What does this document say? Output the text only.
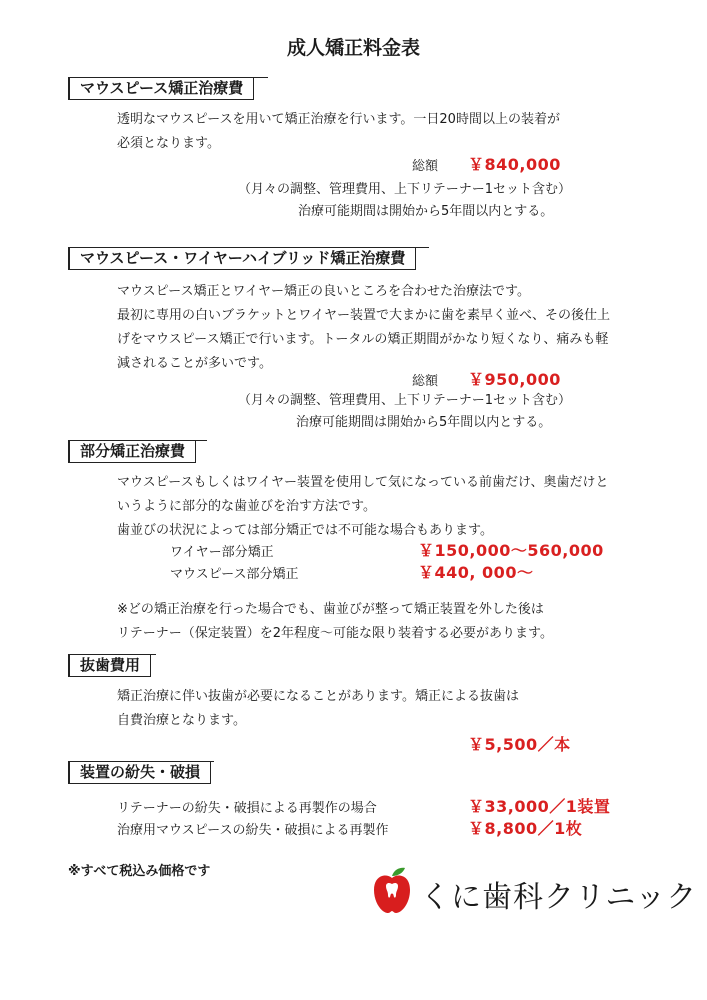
成人矯正料金表
マウスピース矯正治療費
透明なマウスピースを用いて矯正治療を行います。一日20時間以上の装着が
必須となります。
総額 ￥840,000
（月々の調整、管理費用、上下リテーナー1セット含む）
治療可能期間は開始から5年間以内とする。
マウスピース・ワイヤーハイブリッド矯正治療費
マウスピース矯正とワイヤー矯正の良いところを合わせた治療法です。
最初に専用の白いブラケットとワイヤー装置で大まかに歯を素早く並べ、その後仕上
げをマウスピース矯正で行います。トータルの矯正期間がかなり短くなり、痛みも軽
減されることが多いです。
総額 ￥950,000
（月々の調整、管理費用、上下リテーナー1セット含む）
治療可能期間は開始から5年間以内とする。
部分矯正治療費
マウスピースもしくはワイヤー装置を使用して気になっている前歯だけ、奥歯だけと
いうように部分的な歯並びを治す方法です。
歯並びの状況によっては部分矯正では不可能な場合もあります。
ワイヤー部分矯正	￥150,000～560,000
マウスピース部分矯正	￥440, 000～
※どの矯正治療を行った場合でも、歯並びが整って矯正装置を外した後は
リテーナー（保定装置）を2年程度～可能な限り装着する必要があります。
抜歯費用
矯正治療に伴い抜歯が必要になることがあります。矯正による抜歯は
自費治療となります。
￥5,500／本
装置の紛失・破損
リテーナーの紛失・破損による再製作の場合	￥33,000／1装置
治療用マウスピースの紛失・破損による再製作	￥8,800／1枚
※すべて税込み価格です
くに歯科クリニック
